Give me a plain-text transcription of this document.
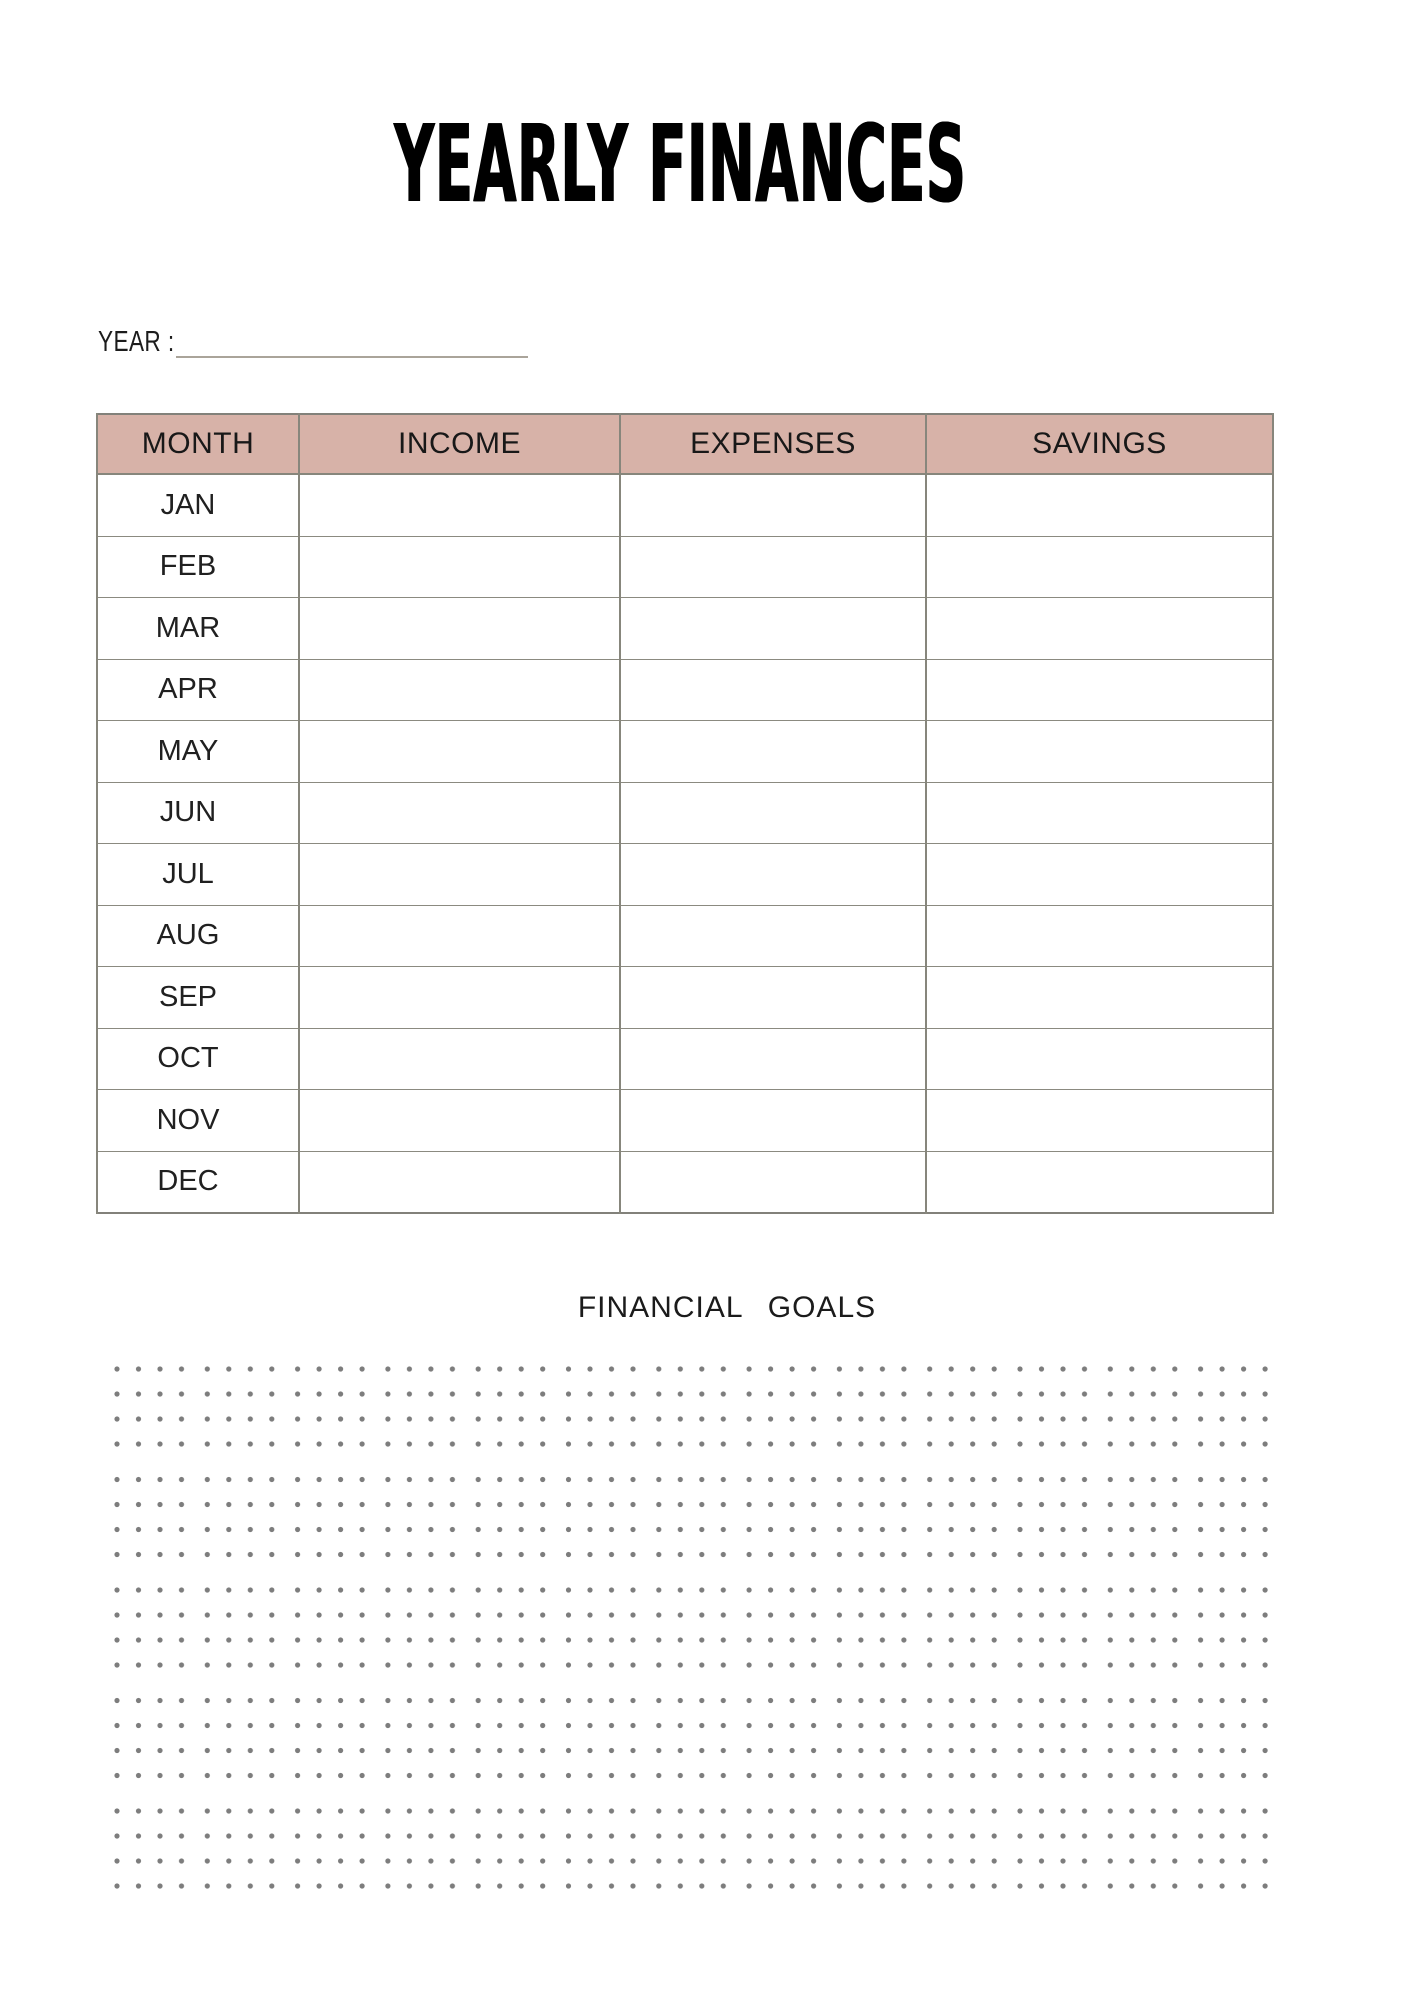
YEARLY FINANCES
YEAR :
MONTH	INCOME	EXPENSES	SAVINGS
JAN			
FEB			
MAR			
APR			
MAY			
JUN			
JUL			
AUG			
SEP			
OCT			
NOV			
DEC			
FINANCIAL GOALS
